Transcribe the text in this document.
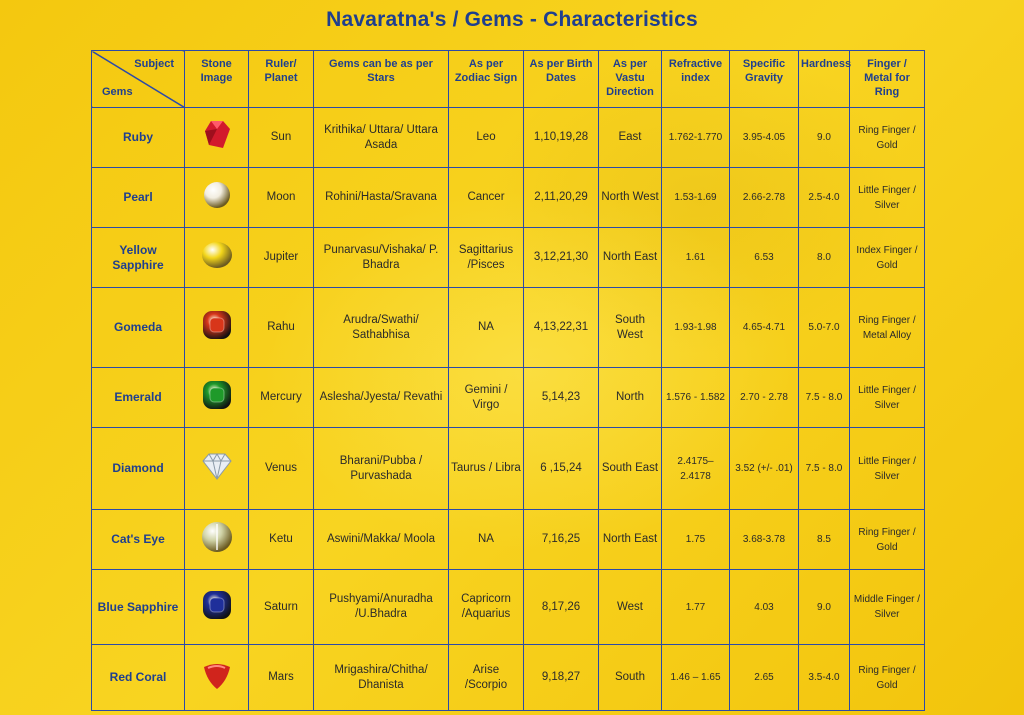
Navaratna's / Gems - Characteristics
Subject
Gems	Stone Image	Ruler/ Planet	Gems can be as per Stars	As per Zodiac Sign	As per Birth Dates	As per Vastu Direction	Refractive index	Specific Gravity	Hardness	Finger / Metal for Ring
Ruby		Sun	Krithika/ Uttara/ Uttara Asada	Leo	1,10,19,28	East	1.762-1.770	3.95-4.05	9.0	Ring Finger / Gold
Pearl		Moon	Rohini/Hasta/Sravana	Cancer	2,11,20,29	North West	1.53-1.69	2.66-2.78	2.5-4.0	Little Finger / Silver
Yellow Sapphire		Jupiter	Punarvasu/Vishaka/ P. Bhadra	Sagittarius /Pisces	3,12,21,30	North East	1.61	6.53	8.0	Index Finger / Gold
Gomeda		Rahu	Arudra/Swathi/ Sathabhisa	NA	4,13,22,31	South West	1.93-1.98	4.65-4.71	5.0-7.0	Ring Finger / Metal Alloy
Emerald		Mercury	Aslesha/Jyesta/ Revathi	Gemini / Virgo	5,14,23	North	1.576 - 1.582	2.70 - 2.78	7.5 - 8.0	Little Finger / Silver
Diamond		Venus	Bharani/Pubba / Purvashada	Taurus / Libra	6 ,15,24	South East	2.4175– 2.4178	3.52 (+/- .01)	7.5 - 8.0	Little Finger / Silver
Cat's Eye		Ketu	Aswini/Makka/ Moola	NA	7,16,25	North East	1.75	3.68-3.78	8.5	Ring Finger / Gold
Blue Sapphire		Saturn	Pushyami/Anuradha /U.Bhadra	Capricorn /Aquarius	8,17,26	West	1.77	4.03	9.0	Middle Finger / Silver
Red Coral		Mars	Mrigashira/Chitha/ Dhanista	Arise /Scorpio	9,18,27	South	1.46 – 1.65	2.65	3.5-4.0	Ring Finger / Gold
